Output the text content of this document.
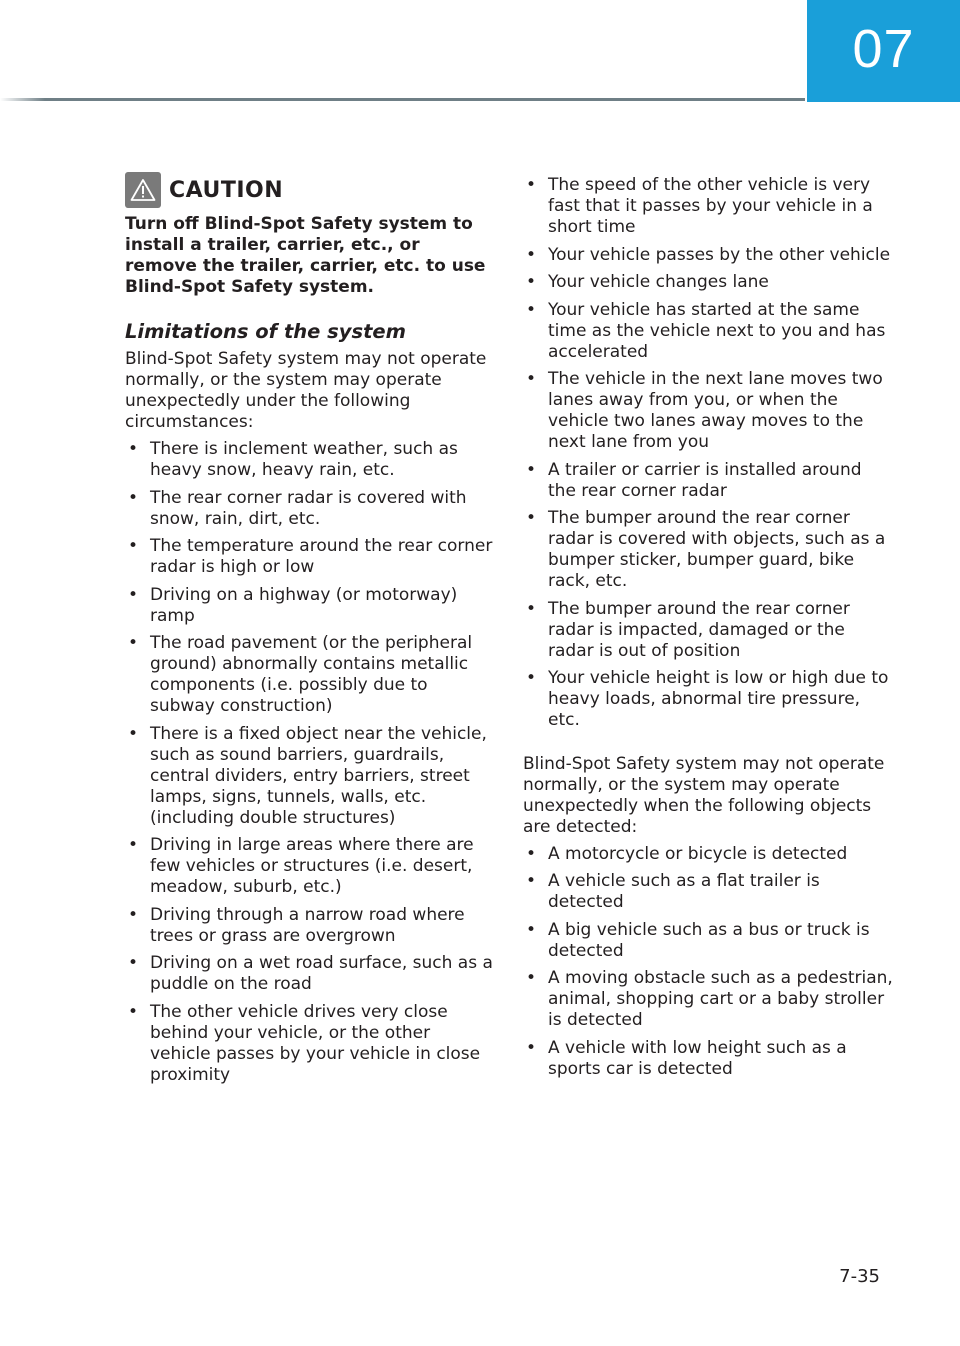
07
CAUTION

Turn off Blind-Spot Safety system to install a trailer, carrier, etc., or remove the trailer, carrier, etc. to use Blind-Spot Safety system.

Limitations of the system

Blind-Spot Safety system may not operate normally, or the system may operate unexpectedly under the following circumstances:

• There is inclement weather, such as heavy snow, heavy rain, etc.
• The rear corner radar is covered with snow, rain, dirt, etc.
• The temperature around the rear corner radar is high or low
• Driving on a highway (or motorway) ramp
• The road pavement (or the peripheral ground) abnormally contains metallic components (i.e. possibly due to subway construction)
• There is a fixed object near the vehicle, such as sound barriers, guardrails, central dividers, entry barriers, street lamps, signs, tunnels, walls, etc. (including double structures)
• Driving in large areas where there are few vehicles or structures (i.e. desert, meadow, suburb, etc.)
• Driving through a narrow road where trees or grass are overgrown
• Driving on a wet road surface, such as a puddle on the road
• The other vehicle drives very close behind your vehicle, or the other vehicle passes by your vehicle in close proximity
• The speed of the other vehicle is very fast that it passes by your vehicle in a short time
• Your vehicle passes by the other vehicle
• Your vehicle changes lane
• Your vehicle has started at the same time as the vehicle next to you and has accelerated
• The vehicle in the next lane moves two lanes away from you, or when the vehicle two lanes away moves to the next lane from you
• A trailer or carrier is installed around the rear corner radar
• The bumper around the rear corner radar is covered with objects, such as a bumper sticker, bumper guard, bike rack, etc.
• The bumper around the rear corner radar is impacted, damaged or the radar is out of position
• Your vehicle height is low or high due to heavy loads, abnormal tire pressure, etc.

Blind-Spot Safety system may not operate normally, or the system may operate unexpectedly when the following objects are detected:

• A motorcycle or bicycle is detected
• A vehicle such as a flat trailer is detected
• A big vehicle such as a bus or truck is detected
• A moving obstacle such as a pedestrian, animal, shopping cart or a baby stroller is detected
• A vehicle with low height such as a sports car is detected
7-35
